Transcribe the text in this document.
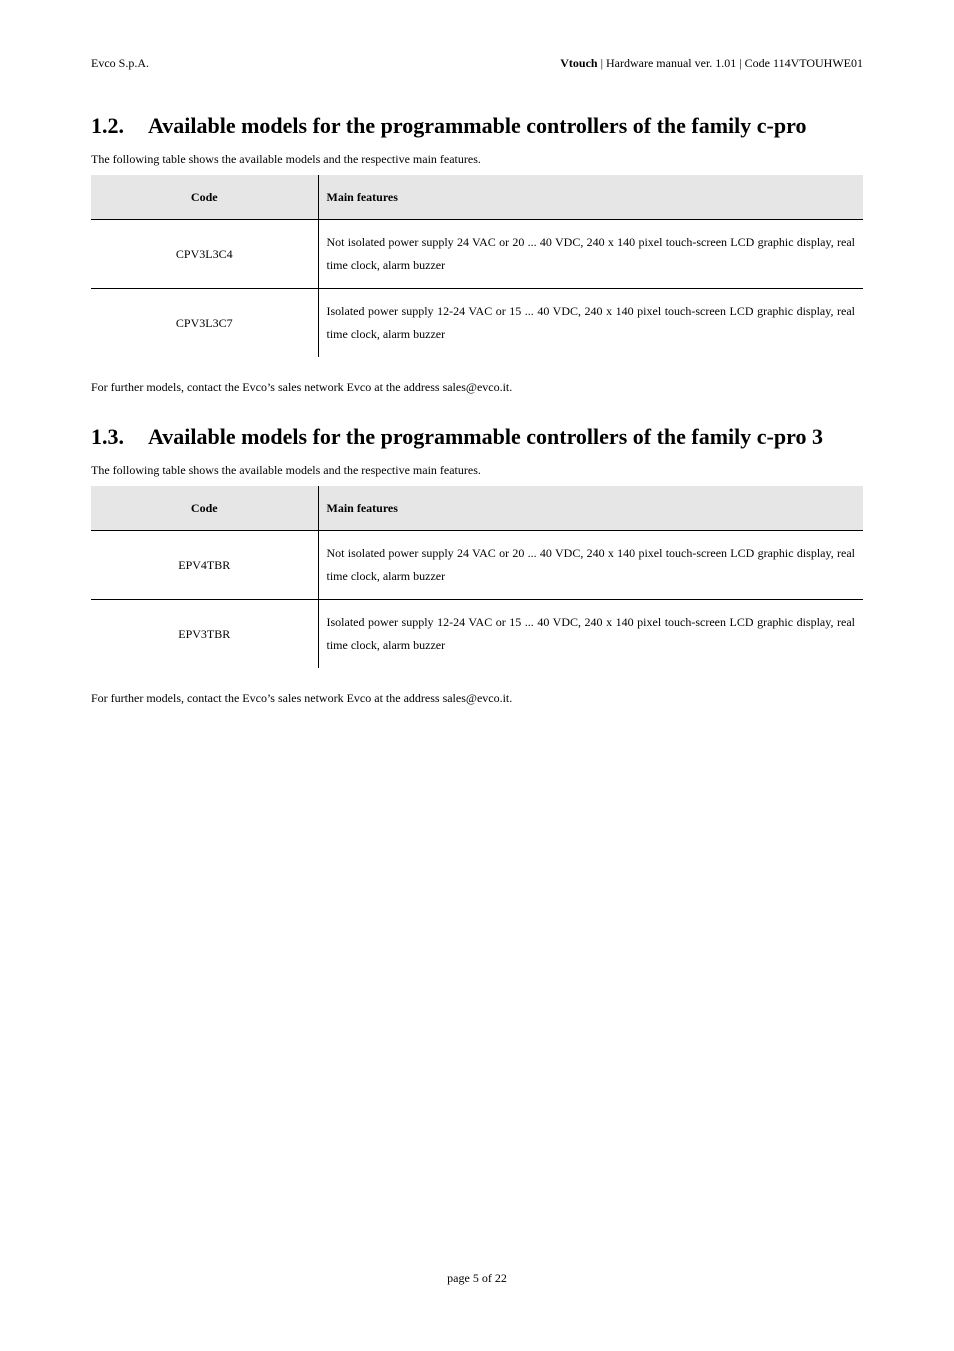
Evco S.p.A.	Vtouch | Hardware manual ver. 1.01 | Code 114VTOUHWE01
1.2. Available models for the programmable controllers of the family c-pro
The following table shows the available models and the respective main features.
Code	Main features
CPV3L3C4	Not isolated power supply 24 VAC or 20 ... 40 VDC, 240 x 140 pixel touch-screen LCD graphic display, real time clock, alarm buzzer
CPV3L3C7	Isolated power supply 12-24 VAC or 15 ... 40 VDC, 240 x 140 pixel touch-screen LCD graphic display, real time clock, alarm buzzer
For further models, contact the Evco’s sales network Evco at the address sales@evco.it.
1.3. Available models for the programmable controllers of the family c-pro 3
The following table shows the available models and the respective main features.
Code	Main features
EPV4TBR	Not isolated power supply 24 VAC or 20 ... 40 VDC, 240 x 140 pixel touch-screen LCD graphic display, real time clock, alarm buzzer
EPV3TBR	Isolated power supply 12-24 VAC or 15 ... 40 VDC, 240 x 140 pixel touch-screen LCD graphic display, real time clock, alarm buzzer
For further models, contact the Evco’s sales network Evco at the address sales@evco.it.
page 5 of 22
